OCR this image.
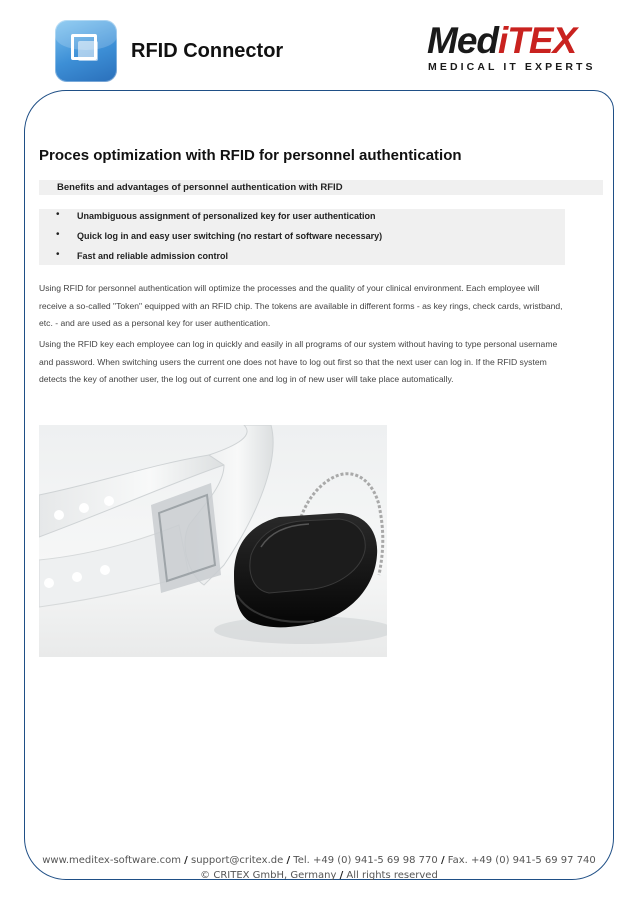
RFID Connector	MediTEX
MEDICAL IT EXPERTS
Proces optimization with RFID for personnel authentication
Benefits and advantages of personnel authentication with RFID
• Unambiguous assignment of personalized key for user authentication
• Quick log in and easy user switching (no restart of software necessary)
• Fast and reliable admission control
Using RFID for personnel authentication will optimize the processes and the quality of your clinical environment. Each employee will
receive a so-called "Token" equipped with an RFID chip. The tokens are available in different forms - as key rings, check cards, wristband,
etc. - and are used as a personal key for user authentication.
Using the RFID key each employee can log in quickly and easily in all programs of our system without having to type personal username
and password. When switching users the current one does not have to log out first so that the next user can log in. If the RFID system
detects the key of another user, the log out of current one and log in of new user will take place automatically.
www.meditex-software.com / support@critex.de / Tel. +49 (0) 941-5 69 98 770 / Fax. +49 (0) 941-5 69 97 740
© CRITEX GmbH, Germany / All rights reserved
